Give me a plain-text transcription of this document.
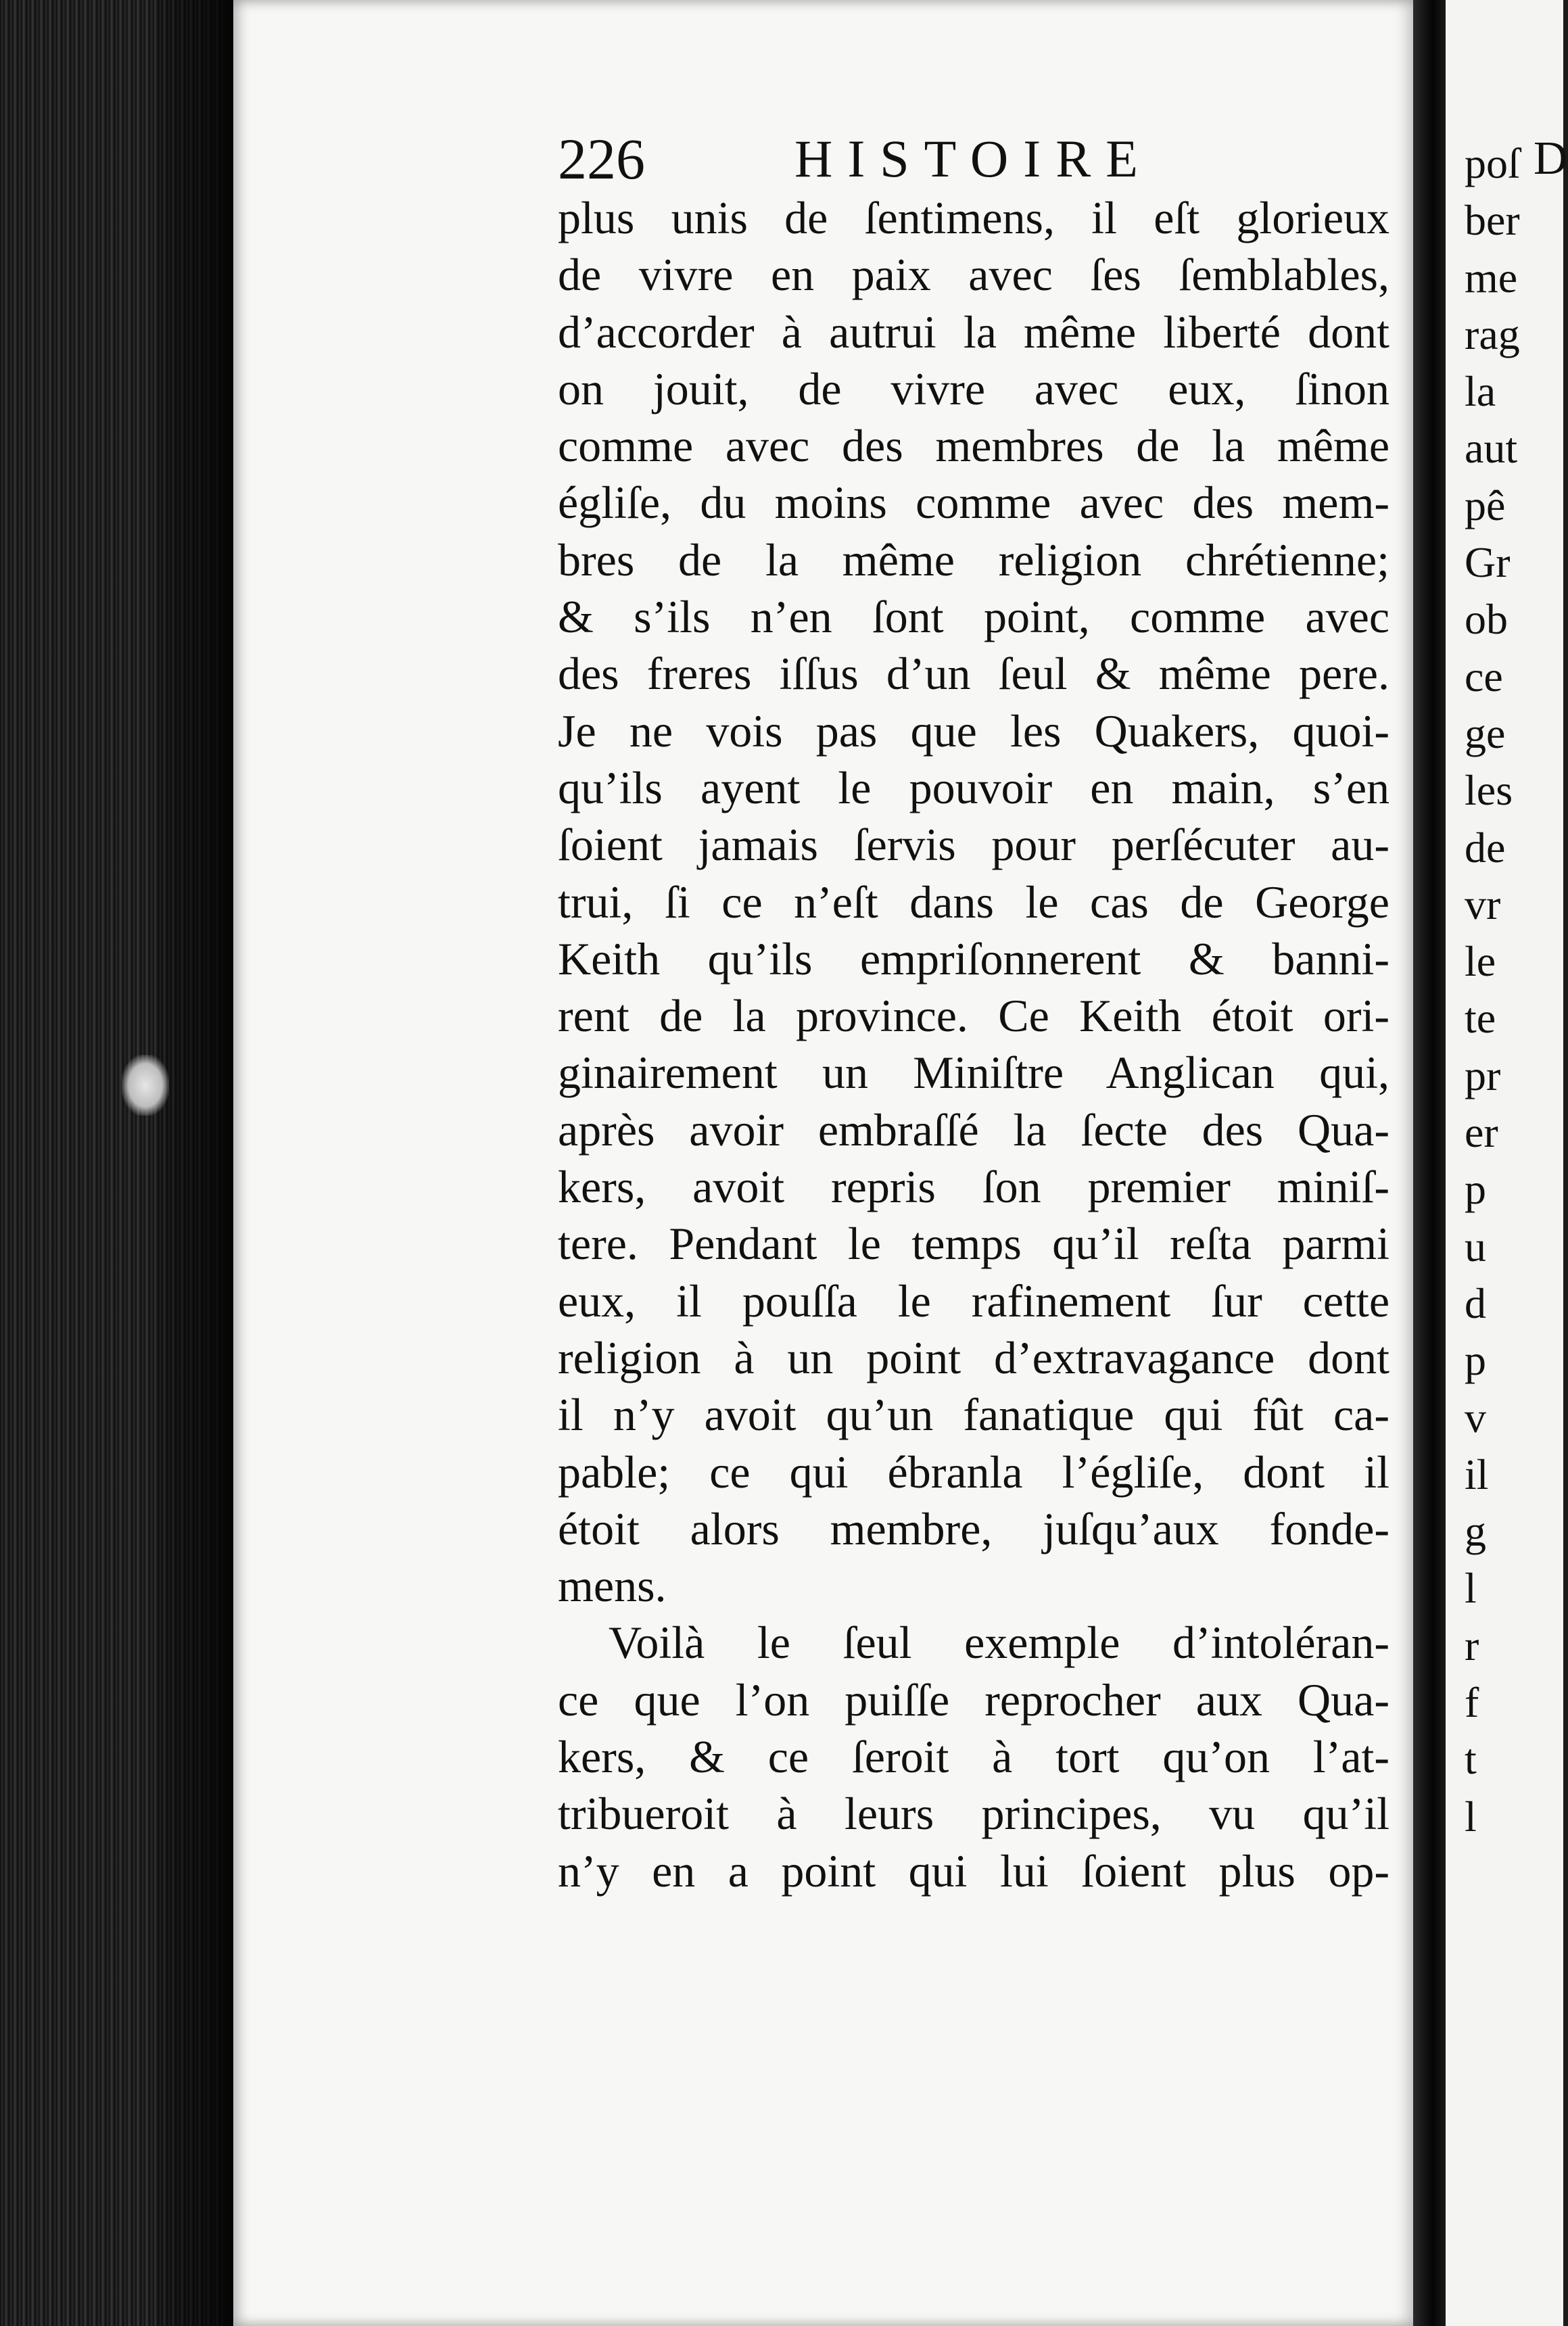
226	HISTOIRE
plus unis de ſentimens, il eſt glorieux
de vivre en paix avec ſes ſemblables,
d’accorder à autrui la même liberté dont
on jouit, de vivre avec eux, ſinon
comme avec des membres de la même
égliſe, du moins comme avec des mem-
bres de la même religion chrétienne;
& s’ils n’en ſont point, comme avec
des freres iſſus d’un ſeul & même pere.
Je ne vois pas que les Quakers, quoi-
qu’ils ayent le pouvoir en main, s’en
ſoient jamais ſervis pour perſécuter au-
trui, ſi ce n’eſt dans le cas de George
Keith qu’ils empriſonnerent & banni-
rent de la province. Ce Keith étoit ori-
ginairement un Miniſtre Anglican qui,
après avoir embraſſé la ſecte des Qua-
kers, avoit repris ſon premier miniſ-
tere. Pendant le temps qu’il reſta parmi
eux, il pouſſa le rafinement ſur cette
religion à un point d’extravagance dont
il n’y avoit qu’un fanatique qui fût ca-
pable; ce qui ébranla l’égliſe, dont il
étoit alors membre, juſqu’aux fonde-
mens.
Voilà le ſeul exemple d’intoléran-
ce que l’on puiſſe reprocher aux Qua-
kers, & ce ſeroit à tort qu’on l’at-
tribueroit à leurs principes, vu qu’il
n’y en a point qui lui ſoient plus op-
D
poſ
ber
me
rag
la
aut
pê
Gr
ob
ce
ge
les
de
vr
le
te
pr
er
p
u
d
p
v
il
g
l
r
f
t
l
